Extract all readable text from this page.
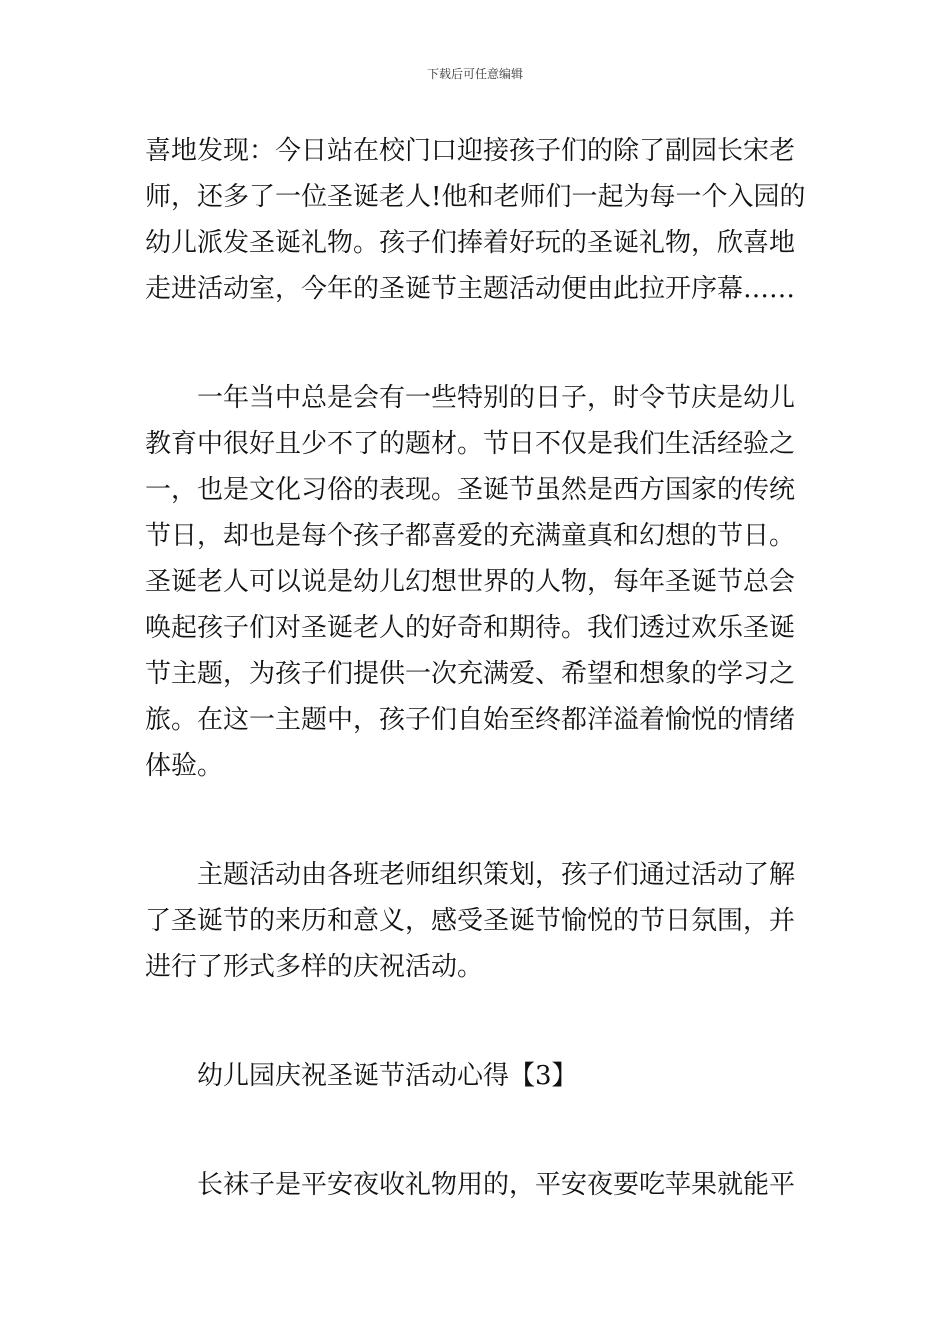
下载后可任意编辑
喜地发现：今日站在校门口迎接孩子们的除了副园长宋老
师，还多了一位圣诞老人!他和老师们一起为每一个入园的
幼儿派发圣诞礼物。孩子们捧着好玩的圣诞礼物，欣喜地
走进活动室，今年的圣诞节主题活动便由此拉开序幕……
　　一年当中总是会有一些特别的日子，时令节庆是幼儿
教育中很好且少不了的题材。节日不仅是我们生活经验之
一，也是文化习俗的表现。圣诞节虽然是西方国家的传统
节日，却也是每个孩子都喜爱的充满童真和幻想的节日。
圣诞老人可以说是幼儿幻想世界的人物，每年圣诞节总会
唤起孩子们对圣诞老人的好奇和期待。我们透过欢乐圣诞
节主题，为孩子们提供一次充满爱、希望和想象的学习之
旅。在这一主题中，孩子们自始至终都洋溢着愉悦的情绪
体验。
　　主题活动由各班老师组织策划，孩子们通过活动了解
了圣诞节的来历和意义，感受圣诞节愉悦的节日氛围，并
进行了形式多样的庆祝活动。
　　幼儿园庆祝圣诞节活动心得【3】
　　长袜子是平安夜收礼物用的，平安夜要吃苹果就能平
